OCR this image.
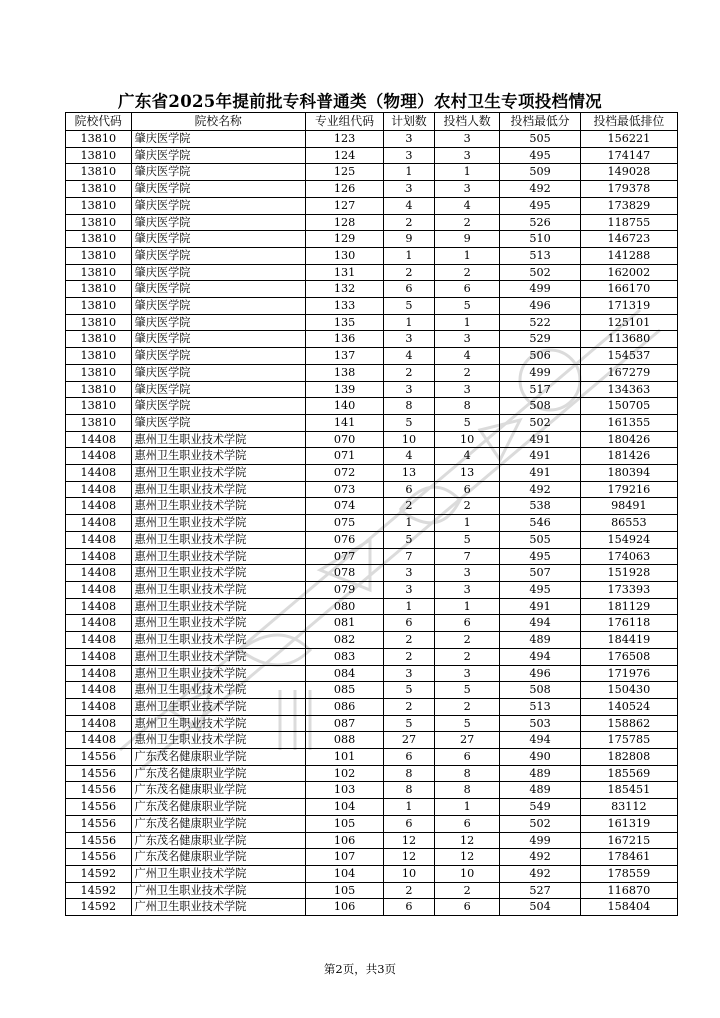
广东省2025年提前批专科普通类（物理）农村卫生专项投档情况
院校代码	院校名称	专业组代码	计划数	投档人数	投档最低分	投档最低排位
13810	肇庆医学院	123	3	3	505	156221
13810	肇庆医学院	124	3	3	495	174147
13810	肇庆医学院	125	1	1	509	149028
13810	肇庆医学院	126	3	3	492	179378
13810	肇庆医学院	127	4	4	495	173829
13810	肇庆医学院	128	2	2	526	118755
13810	肇庆医学院	129	9	9	510	146723
13810	肇庆医学院	130	1	1	513	141288
13810	肇庆医学院	131	2	2	502	162002
13810	肇庆医学院	132	6	6	499	166170
13810	肇庆医学院	133	5	5	496	171319
13810	肇庆医学院	135	1	1	522	125101
13810	肇庆医学院	136	3	3	529	113680
13810	肇庆医学院	137	4	4	506	154537
13810	肇庆医学院	138	2	2	499	167279
13810	肇庆医学院	139	3	3	517	134363
13810	肇庆医学院	140	8	8	508	150705
13810	肇庆医学院	141	5	5	502	161355
14408	惠州卫生职业技术学院	070	10	10	491	180426
14408	惠州卫生职业技术学院	071	4	4	491	181426
14408	惠州卫生职业技术学院	072	13	13	491	180394
14408	惠州卫生职业技术学院	073	6	6	492	179216
14408	惠州卫生职业技术学院	074	2	2	538	98491
14408	惠州卫生职业技术学院	075	1	1	546	86553
14408	惠州卫生职业技术学院	076	5	5	505	154924
14408	惠州卫生职业技术学院	077	7	7	495	174063
14408	惠州卫生职业技术学院	078	3	3	507	151928
14408	惠州卫生职业技术学院	079	3	3	495	173393
14408	惠州卫生职业技术学院	080	1	1	491	181129
14408	惠州卫生职业技术学院	081	6	6	494	176118
14408	惠州卫生职业技术学院	082	2	2	489	184419
14408	惠州卫生职业技术学院	083	2	2	494	176508
14408	惠州卫生职业技术学院	084	3	3	496	171976
14408	惠州卫生职业技术学院	085	5	5	508	150430
14408	惠州卫生职业技术学院	086	2	2	513	140524
14408	惠州卫生职业技术学院	087	5	5	503	158862
14408	惠州卫生职业技术学院	088	27	27	494	175785
14556	广东茂名健康职业学院	101	6	6	490	182808
14556	广东茂名健康职业学院	102	8	8	489	185569
14556	广东茂名健康职业学院	103	8	8	489	185451
14556	广东茂名健康职业学院	104	1	1	549	83112
14556	广东茂名健康职业学院	105	6	6	502	161319
14556	广东茂名健康职业学院	106	12	12	499	167215
14556	广东茂名健康职业学院	107	12	12	492	178461
14592	广州卫生职业技术学院	104	10	10	492	178559
14592	广州卫生职业技术学院	105	2	2	527	116870
14592	广州卫生职业技术学院	106	6	6	504	158404
第2页，共3页
